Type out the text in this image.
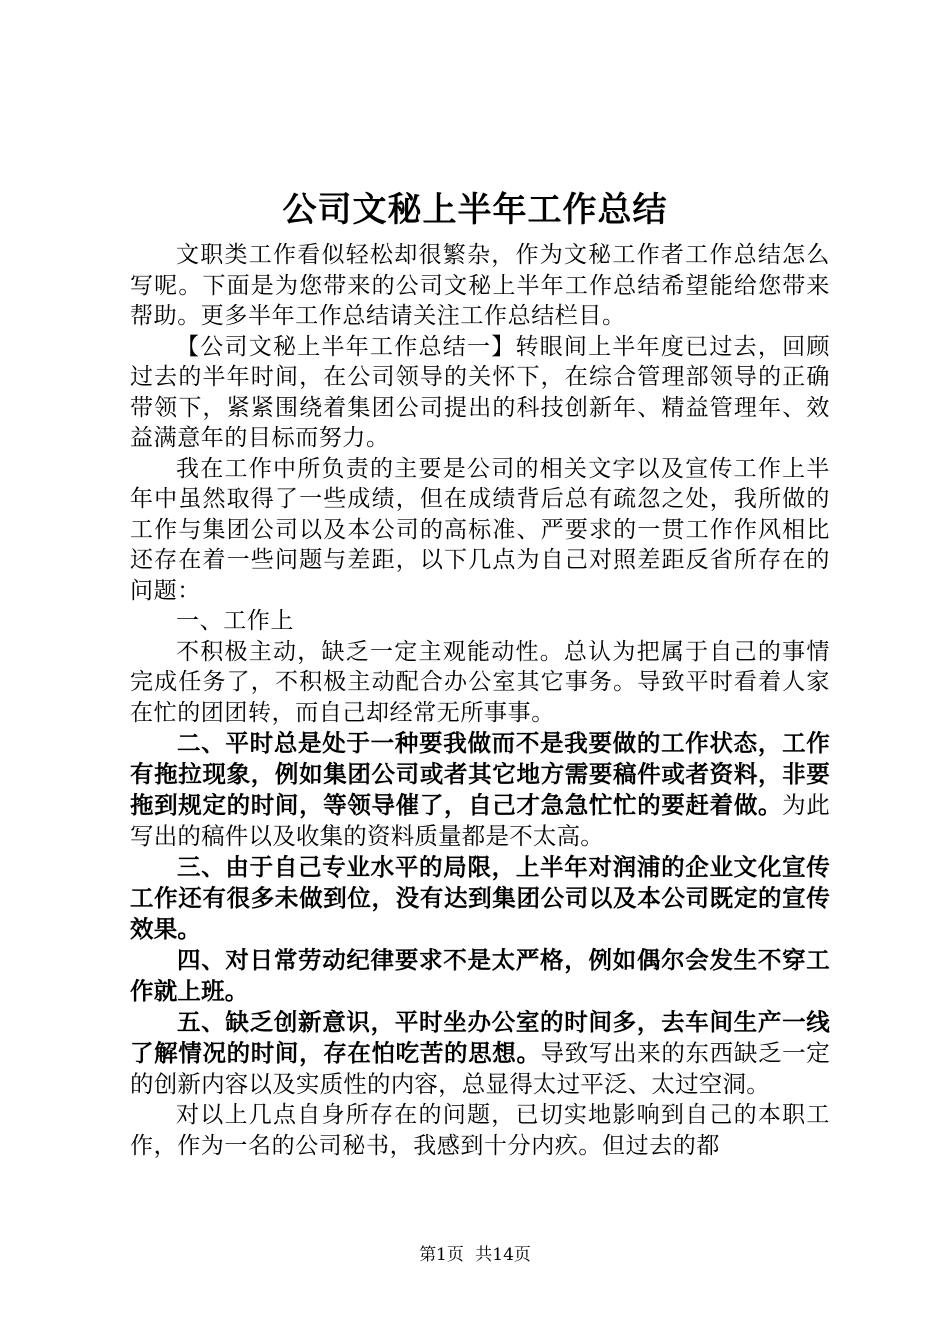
公司文秘上半年工作总结

文职类工作看似轻松却很繁杂，作为文秘工作者工作总结怎么写呢。下面是为您带来的公司文秘上半年工作总结希望能给您带来帮助。更多半年工作总结请关注工作总结栏目。

【公司文秘上半年工作总结一】转眼间上半年度已过去，回顾过去的半年时间，在公司领导的关怀下，在综合管理部领导的正确带领下，紧紧围绕着集团公司提出的科技创新年、精益管理年、效益满意年的目标而努力。

我在工作中所负责的主要是公司的相关文字以及宣传工作上半年中虽然取得了一些成绩，但在成绩背后总有疏忽之处，我所做的工作与集团公司以及本公司的高标准、严要求的一贯工作作风相比还存在着一些问题与差距，以下几点为自己对照差距反省所存在的问题：

一、工作上

不积极主动，缺乏一定主观能动性。总认为把属于自己的事情完成任务了，不积极主动配合办公室其它事务。导致平时看着人家在忙的团团转，而自己却经常无所事事。

二、平时总是处于一种要我做而不是我要做的工作状态，工作有拖拉现象，例如集团公司或者其它地方需要稿件或者资料，非要拖到规定的时间，等领导催了，自己才急急忙忙的要赶着做。为此写出的稿件以及收集的资料质量都是不太高。

三、由于自己专业水平的局限，上半年对润浦的企业文化宣传工作还有很多未做到位，没有达到集团公司以及本公司既定的宣传效果。

四、对日常劳动纪律要求不是太严格，例如偶尔会发生不穿工作就上班。

五、缺乏创新意识，平时坐办公室的时间多，去车间生产一线了解情况的时间，存在怕吃苦的思想。导致写出来的东西缺乏一定的创新内容以及实质性的内容，总显得太过平泛、太过空洞。

对以上几点自身所存在的问题，已切实地影响到自己的本职工作，作为一名的公司秘书，我感到十分内疚。但过去的都

第1页 共14页
